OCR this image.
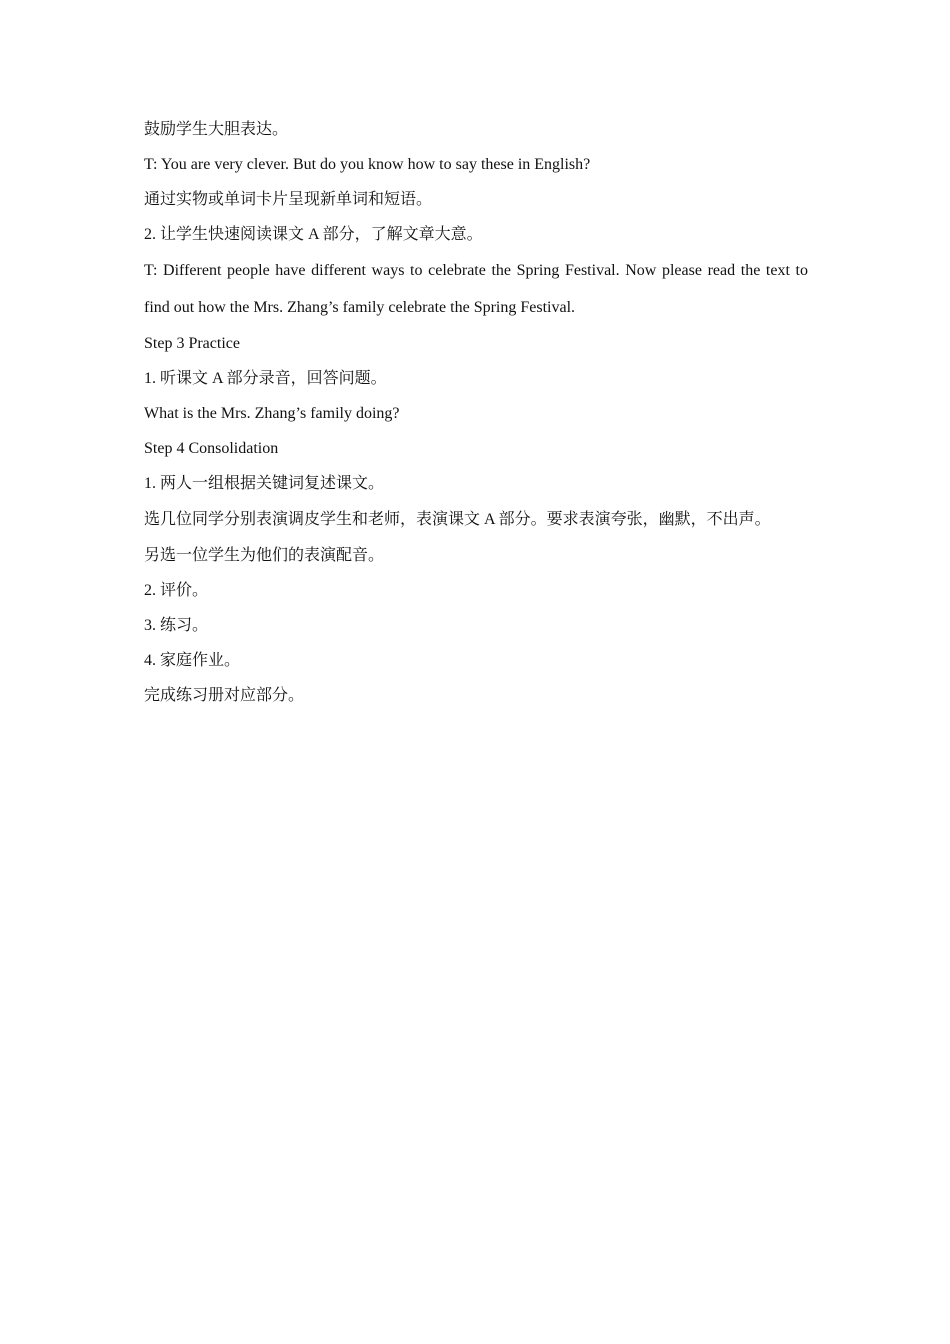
鼓励学生大胆表达。
T: You are very clever. But do you know how to say these in English?
通过实物或单词卡片呈现新单词和短语。
2. 让学生快速阅读课文 A 部分，了解文章大意。

T: Different people have different ways to celebrate the Spring Festival. Now please read the text to find out how the Mrs. Zhang’s family celebrate the Spring Festival.

Step 3 Practice
1. 听课文 A 部分录音，回答问题。
What is the Mrs. Zhang’s family doing?
Step 4 Consolidation
1. 两人一组根据关键词复述课文。
选几位同学分别表演调皮学生和老师，表演课文 A 部分。要求表演夸张，幽默，不出声。
另选一位学生为他们的表演配音。
2. 评价。
3. 练习。
4. 家庭作业。
完成练习册对应部分。
